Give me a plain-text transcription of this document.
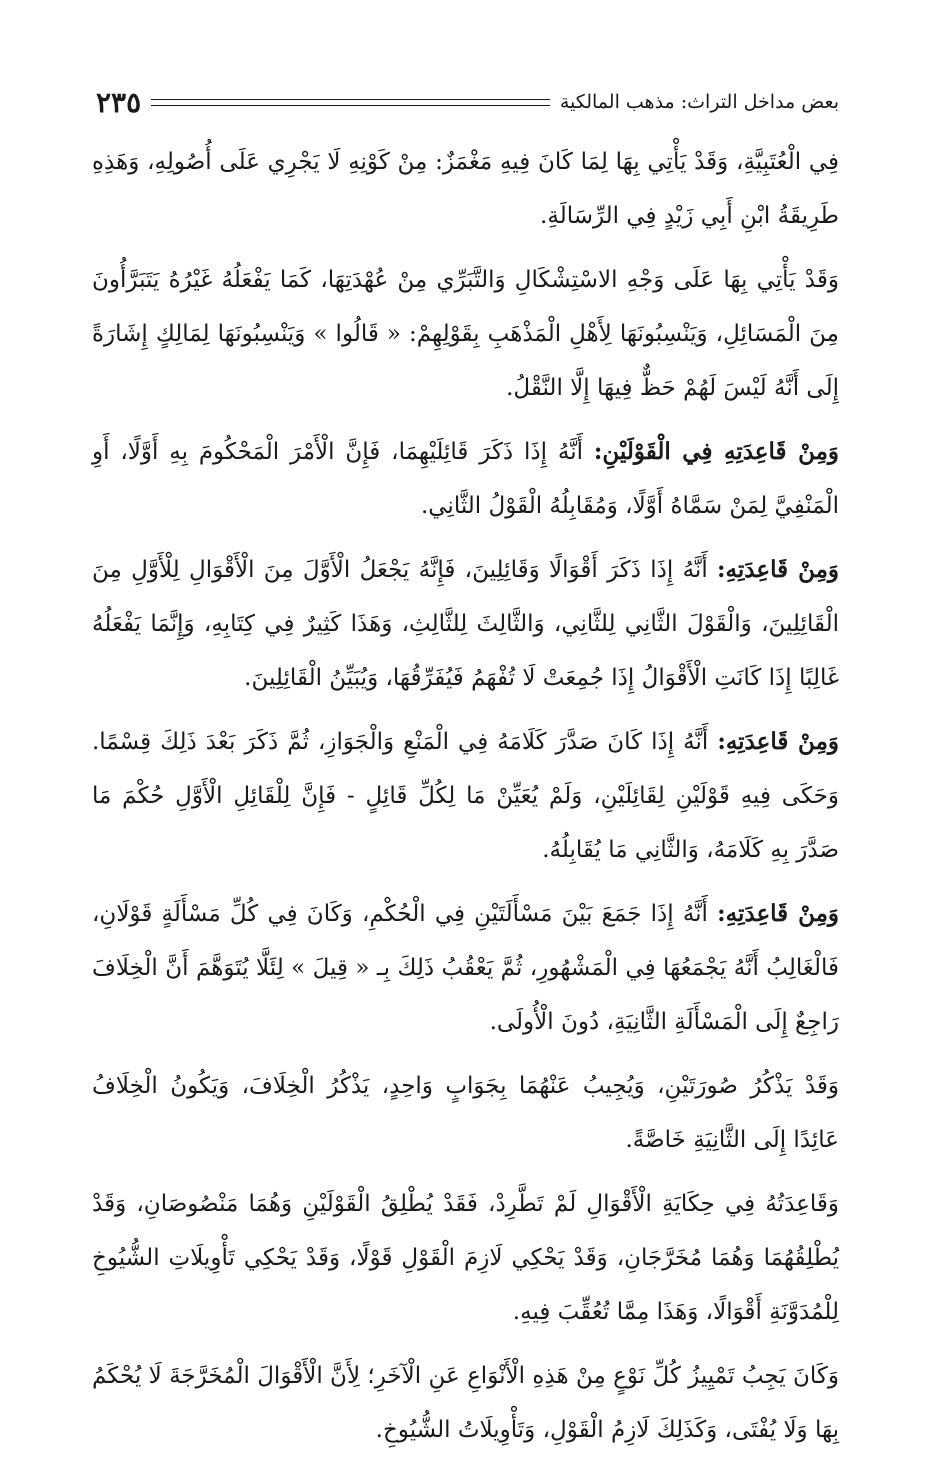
بعض مداخل التراث: مذهب المالكية
٢٣٥

فِي الْعُتَبِيَّةِ، وَقَدْ يَأْتِي بِهَا لِمَا كَانَ فِيهِ مَغْمَزٌ: مِنْ كَوْنِهِ لَا يَجْرِي عَلَى أُصُولِهِ، وَهَذِهِ طَرِيقَةُ ابْنِ أَبِي زَيْدٍ فِي الرِّسَالَةِ.

وَقَدْ يَأْتِي بِهَا عَلَى وَجْهِ الاسْتِشْكَالِ وَالتَّبَرِّي مِنْ عُهْدَتِهَا، كَمَا يَفْعَلُهُ غَيْرُهُ يَتَبَرَّأُونَ مِنَ الْمَسَائِلِ، وَيَنْسِبُونَهَا لِأَهْلِ الْمَذْهَبِ بِقَوْلِهِمْ: « قَالُوا » وَيَنْسِبُونَهَا لِمَالِكٍ إِشَارَةً إِلَى أَنَّهُ لَيْسَ لَهُمْ حَظٌّ فِيهَا إِلَّا النَّقْلُ.

وَمِنْ قَاعِدَتِهِ فِي الْقَوْلَيْنِ: أَنَّهُ إِذَا ذَكَرَ قَائِلَيْهِمَا، فَإِنَّ الْأَمْرَ الْمَحْكُومَ بِهِ أَوَّلًا، أَوِ الْمَنْفِيَّ لِمَنْ سَمَّاهُ أَوَّلًا، وَمُقَابِلُهُ الْقَوْلُ الثَّانِي.

وَمِنْ قَاعِدَتِهِ: أَنَّهُ إِذَا ذَكَرَ أَقْوَالًا وَقَائِلِينَ، فَإِنَّهُ يَجْعَلُ الْأَوَّلَ مِنَ الْأَقْوَالِ لِلْأَوَّلِ مِنَ الْقَائِلِينَ، وَالْقَوْلَ الثَّانِي لِلثَّانِي، وَالثَّالِثَ لِلثَّالِثِ، وَهَذَا كَثِيرٌ فِي كِتَابِهِ، وَإِنَّمَا يَفْعَلُهُ غَالِبًا إِذَا كَانَتِ الْأَقْوَالُ إِذَا جُمِعَتْ لَا تُفْهَمُ فَيُفَرِّقُهَا، وَيُبَيِّنُ الْقَائِلِينَ.

وَمِنْ قَاعِدَتِهِ: أَنَّهُ إِذَا كَانَ صَدَّرَ كَلَامَهُ فِي الْمَنْعِ وَالْجَوَازِ، ثُمَّ ذَكَرَ بَعْدَ ذَلِكَ قِسْمًا. وَحَكَى فِيهِ قَوْلَيْنِ لِقَائِلَيْنِ، وَلَمْ يُعَيِّنْ مَا لِكُلِّ قَائِلٍ - فَإِنَّ لِلْقَائِلِ الْأَوَّلِ حُكْمَ مَا صَدَّرَ بِهِ كَلَامَهُ، وَالثَّانِي مَا يُقَابِلُهُ.

وَمِنْ قَاعِدَتِهِ: أَنَّهُ إِذَا جَمَعَ بَيْنَ مَسْأَلَتَيْنِ فِي الْحُكْمِ، وَكَانَ فِي كُلِّ مَسْأَلَةٍ قَوْلَانِ، فَالْغَالِبُ أَنَّهُ يَجْمَعُهَا فِي الْمَشْهُورِ، ثُمَّ يَعْقُبُ ذَلِكَ بِـ « قِيلَ » لِئَلَّا يُتَوَهَّمَ أَنَّ الْخِلَافَ رَاجِعٌ إِلَى الْمَسْأَلَةِ الثَّانِيَةِ، دُونَ الْأُولَى.

وَقَدْ يَذْكُرُ صُورَتَيْنِ، وَيُجِيبُ عَنْهُمَا بِجَوَابٍ وَاحِدٍ، يَذْكُرُ الْخِلَافَ، وَيَكُونُ الْخِلَافُ عَائِدًا إِلَى الثَّانِيَةِ خَاصَّةً.

وَقَاعِدَتُهُ فِي حِكَايَةِ الْأَقْوَالِ لَمْ تَطَّرِدْ، فَقَدْ يُطْلِقُ الْقَوْلَيْنِ وَهُمَا مَنْصُوصَانِ، وَقَدْ يُطْلِقُهُمَا وَهُمَا مُخَرَّجَانِ، وَقَدْ يَحْكِي لَازِمَ الْقَوْلِ قَوْلًا، وَقَدْ يَحْكِي تَأْوِيلَاتِ الشُّيُوخِ لِلْمُدَوَّنَةِ أَقْوَالًا، وَهَذَا مِمَّا تُعُقِّبَ فِيهِ.

وَكَانَ يَجِبُ تَمْيِيزُ كُلِّ نَوْعٍ مِنْ هَذِهِ الْأَنْوَاعِ عَنِ الْآخَرِ؛ لِأَنَّ الْأَقْوَالَ الْمُخَرَّجَةَ لَا يُحْكَمُ بِهَا وَلَا يُفْتَى، وَكَذَلِكَ لَازِمُ الْقَوْلِ، وَتَأْوِيلَاتُ الشُّيُوخِ.
